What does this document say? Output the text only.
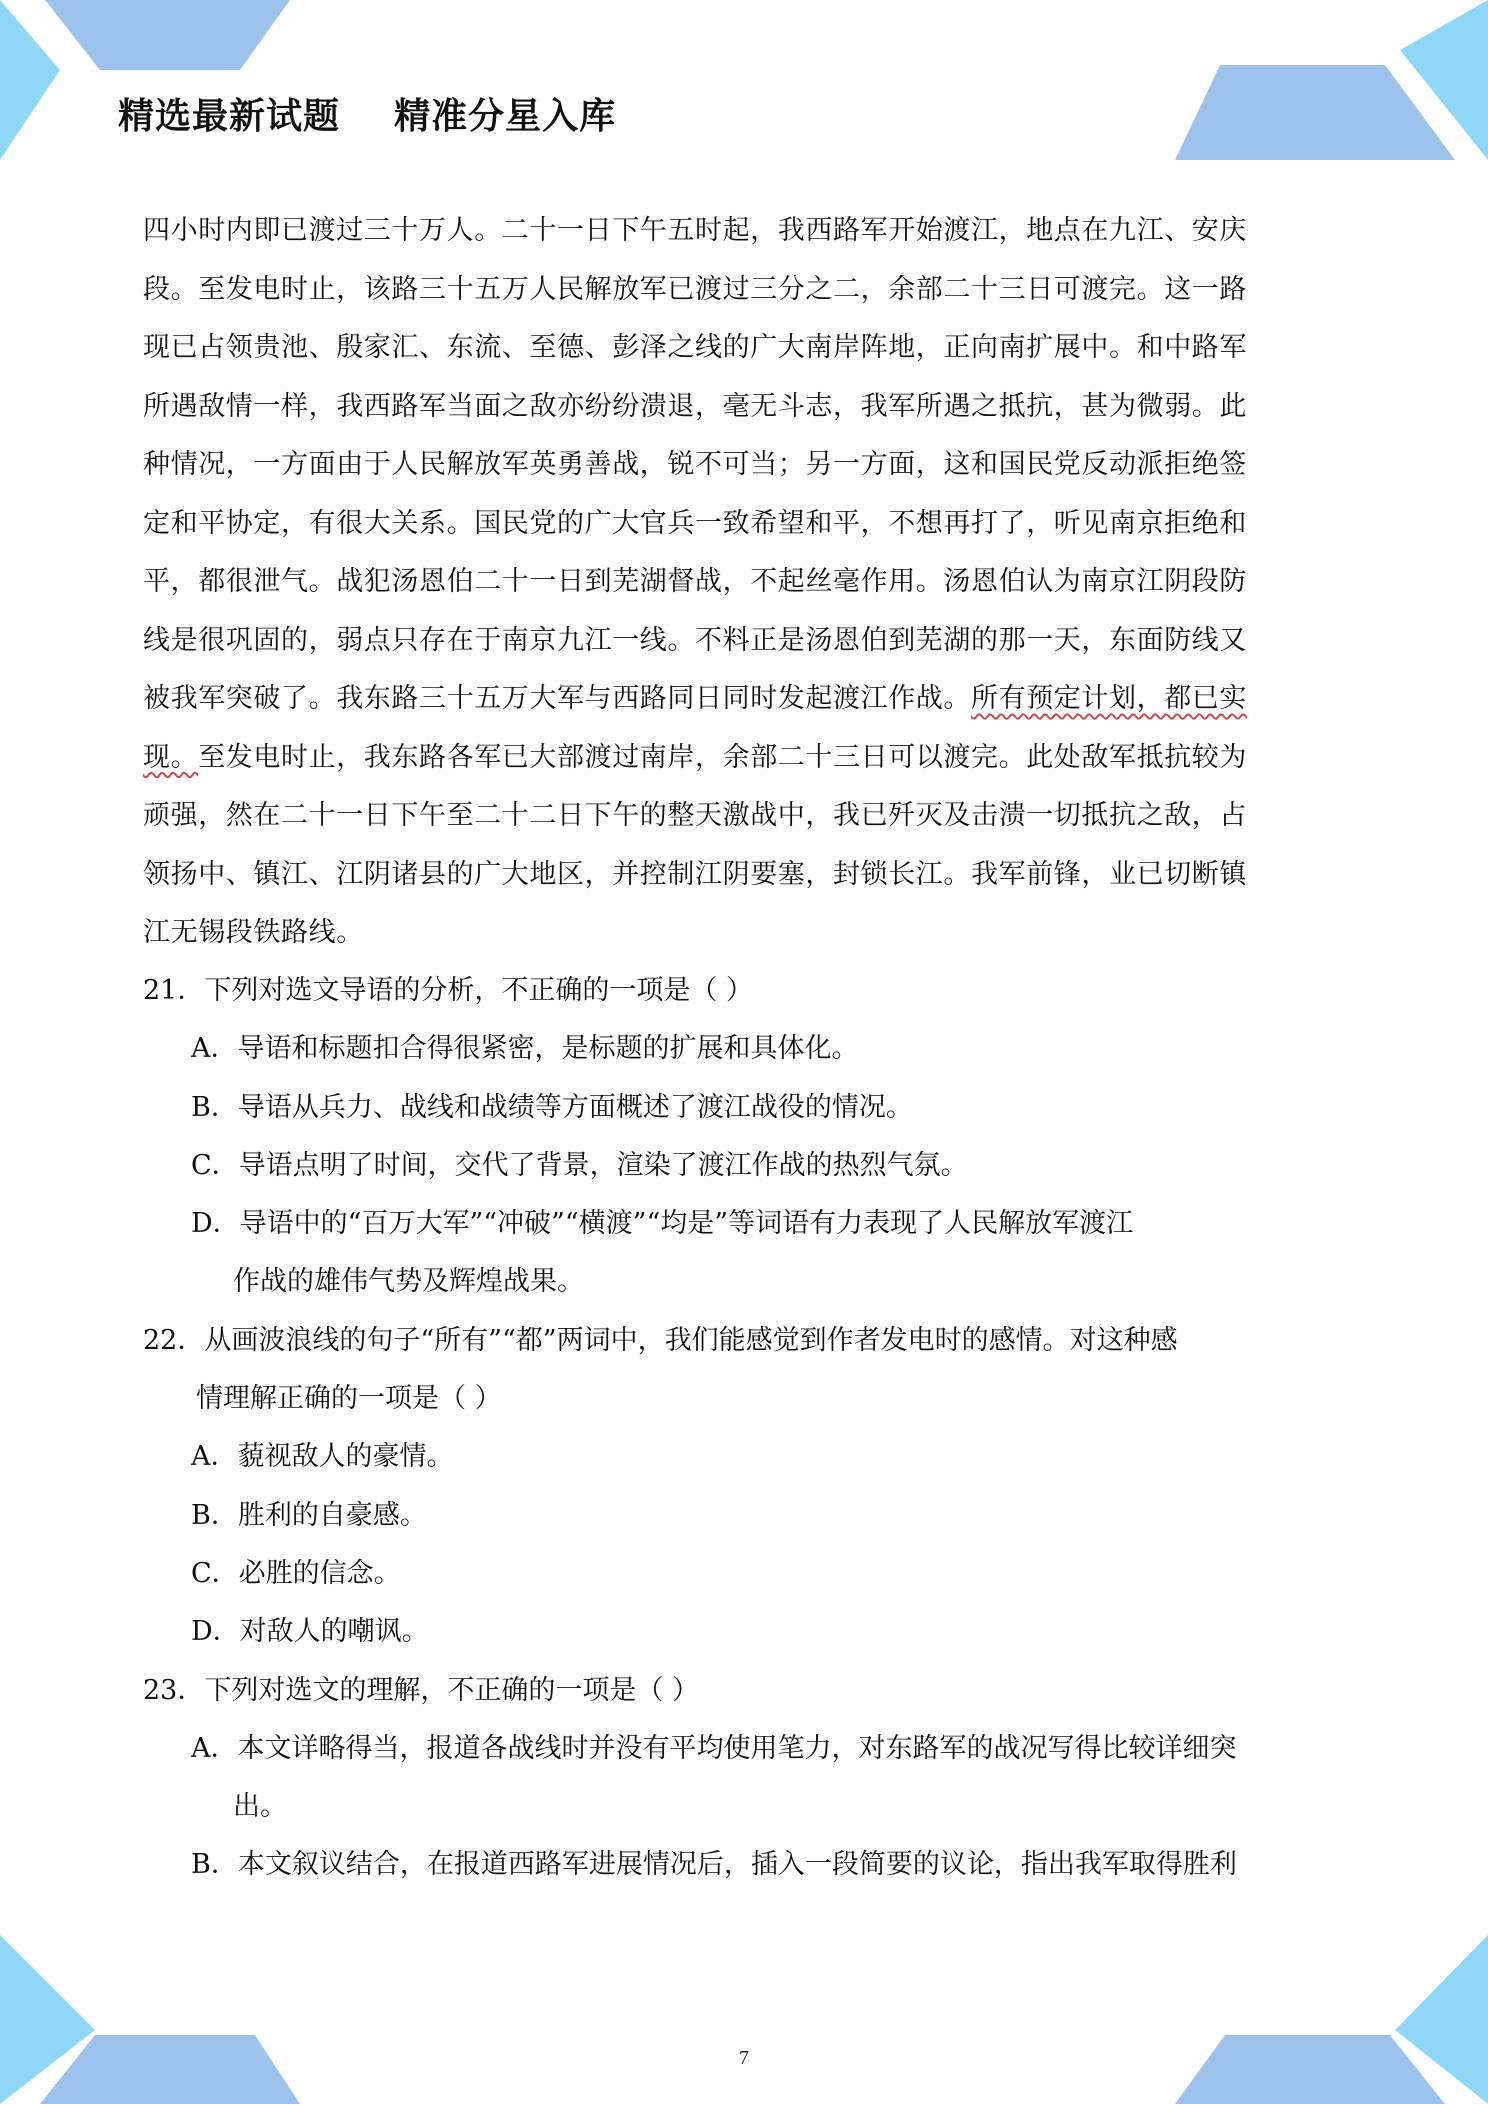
精选最新试题    精准分星入库
四小时内即已渡过三十万人。二十一日下午五时起，我西路军开始渡江，地点在九江、安庆
段。至发电时止，该路三十五万人民解放军已渡过三分之二，余部二十三日可渡完。这一路
现已占领贵池、殷家汇、东流、至德、彭泽之线的广大南岸阵地，正向南扩展中。和中路军
所遇敌情一样，我西路军当面之敌亦纷纷溃退，毫无斗志，我军所遇之抵抗，甚为微弱。此
种情况，一方面由于人民解放军英勇善战，锐不可当；另一方面，这和国民党反动派拒绝签
定和平协定，有很大关系。国民党的广大官兵一致希望和平，不想再打了，听见南京拒绝和
平，都很泄气。战犯汤恩伯二十一日到芜湖督战，不起丝毫作用。汤恩伯认为南京江阴段防
线是很巩固的，弱点只存在于南京九江一线。不料正是汤恩伯到芜湖的那一天，东面防线又
被我军突破了。我东路三十五万大军与西路同日同时发起渡江作战。所有预定计划，都已实
现。至发电时止，我东路各军已大部渡过南岸，余部二十三日可以渡完。此处敌军抵抗较为
顽强，然在二十一日下午至二十二日下午的整天激战中，我已歼灭及击溃一切抵抗之敌，占
领扬中、镇江、江阴诸县的广大地区，并控制江阴要塞，封锁长江。我军前锋，业已切断镇
江无锡段铁路线。
21．下列对选文导语的分析，不正确的一项是（ ）
A．导语和标题扣合得很紧密，是标题的扩展和具体化。
B．导语从兵力、战线和战绩等方面概述了渡江战役的情况。
C．导语点明了时间，交代了背景，渲染了渡江作战的热烈气氛。
D．导语中的“百万大军”“冲破”“横渡”“均是”等词语有力表现了人民解放军渡江
作战的雄伟气势及辉煌战果。
22．从画波浪线的句子“所有”“都”两词中，我们能感觉到作者发电时的感情。对这种感
情理解正确的一项是（ ）
A．藐视敌人的豪情。
B．胜利的自豪感。
C．必胜的信念。
D．对敌人的嘲讽。
23．下列对选文的理解，不正确的一项是（ ）
A．本文详略得当，报道各战线时并没有平均使用笔力，对东路军的战况写得比较详细突
出。
B．本文叙议结合，在报道西路军进展情况后，插入一段简要的议论，指出我军取得胜利
7
